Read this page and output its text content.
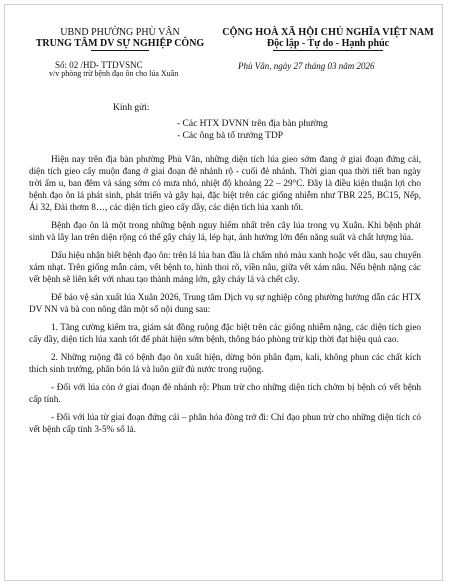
UBND PHƯỜNG PHÙ VÂN
TRUNG TÂM DV SỰ NGHIỆP CÔNG
CỘNG HOÀ XÃ HỘI CHỦ NGHĨA VIỆT NAM
Độc lập - Tự do - Hạnh phúc
Số: 02 /HD- TTDVSNC
v/v phòng trừ bệnh đạo ôn cho lúa Xuân
Phù Vân, ngày 27 tháng 03 năm 2026
Kính gửi:
- Các HTX DVNN trên địa bàn phường
- Các ông bà tổ trưởng TDP

Hiện nay trên địa bàn phường Phù Vân, những diện tích lúa gieo sớm đang ở giai đoạn đứng cái, diện tích gieo cấy muộn đang ở giai đoạn đẻ nhánh rộ - cuối đẻ nhánh. Thời gian qua thời tiết ban ngày trời ấm u, ban đêm và sáng sớm có mưa nhỏ, nhiệt độ khoảng 22 – 29°C. Đây là điều kiện thuận lợi cho bệnh đạo ôn lá phát sinh, phát triển và gây hại, đặc biệt trên các giống nhiễm như TBR 225, BC15, Nếp, Ái 32, Đài thơm 8…, các diện tích gieo cấy dầy, các diện tích lúa xanh tốt.

Bệnh đạo ôn là một trong những bệnh nguy hiểm nhất trên cây lúa trong vụ Xuân. Khi bệnh phát sinh và lây lan trên diện rộng có thể gây cháy lá, lép hạt, ảnh hưởng lớn đến năng suất và chất lượng lúa.

Dấu hiệu nhận biết bệnh đạo ôn: trên lá lúa ban đầu là chấm nhỏ màu xanh hoặc vết dầu, sau chuyển xám nhạt. Trên giống mẫn cảm, vết bệnh to, hình thoi rõ, viền nâu, giữa vết xám nâu. Nếu bệnh nặng các vết bệnh sẽ liên kết với nhau tạo thành mảng lớn, gây cháy lá và chết cây.

Để bảo vệ sản xuất lúa Xuân 2026, Trung tâm Dịch vụ sự nghiệp công phường hướng dẫn các HTX DV NN và bà con nông dân một số nội dung sau:

1. Tăng cường kiểm tra, giám sát đồng ruộng đặc biệt trên các giống nhiễm nặng, các diện tích gieo cấy dầy, diện tích lúa xanh tốt để phát hiện sớm bệnh, thông báo phòng trừ kịp thời đạt hiệu quả cao.

2. Những ruộng đã có bệnh đạo ôn xuất hiện, dừng bón phân đạm, kali, không phun các chất kích thích sinh trưởng, phân bón lá và luôn giữ đủ nước trong ruộng.

- Đối với lúa còn ở giai đoạn đẻ nhánh rộ: Phun trừ cho những diện tích chớm bị bệnh có vết bệnh cấp tính.

- Đối với lúa từ giai đoạn đứng cái – phân hóa đòng trở đi: Chỉ đạo phun trừ cho những diện tích có vết bệnh cấp tính 3-5% số lá.
